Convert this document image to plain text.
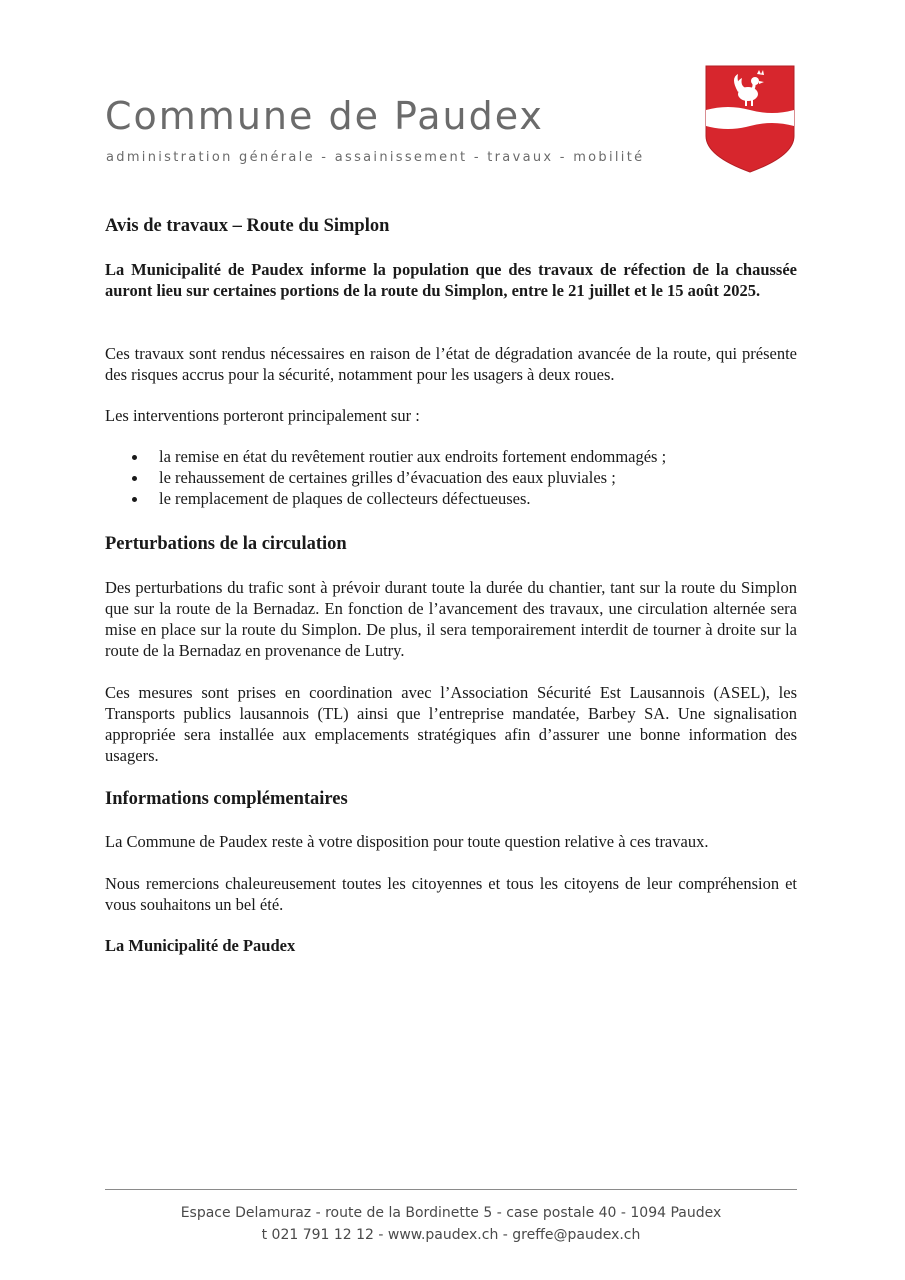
Commune de Paudex

administration générale - assainissement - travaux - mobilité

Avis de travaux – Route du Simplon

La Municipalité de Paudex informe la population que des travaux de réfection de la chaussée auront lieu sur certaines portions de la route du Simplon, entre le 21 juillet et le 15 août 2025.

Ces travaux sont rendus nécessaires en raison de l’état de dégradation avancée de la route, qui présente des risques accrus pour la sécurité, notamment pour les usagers à deux roues.

Les interventions porteront principalement sur :

la remise en état du revêtement routier aux endroits fortement endommagés ;
le rehaussement de certaines grilles d’évacuation des eaux pluviales ;
le remplacement de plaques de collecteurs défectueuses.
Perturbations de la circulation

Des perturbations du trafic sont à prévoir durant toute la durée du chantier, tant sur la route du Simplon que sur la route de la Bernadaz. En fonction de l’avancement des travaux, une circulation alternée sera mise en place sur la route du Simplon. De plus, il sera temporairement interdit de tourner à droite sur la route de la Bernadaz en provenance de Lutry.

Ces mesures sont prises en coordination avec l’Association Sécurité Est Lausannois (ASEL), les Transports publics lausannois (TL) ainsi que l’entreprise mandatée, Barbey SA. Une signalisation appropriée sera installée aux emplacements stratégiques afin d’assurer une bonne information des usagers.

Informations complémentaires

La Commune de Paudex reste à votre disposition pour toute question relative à ces travaux.

Nous remercions chaleureusement toutes les citoyennes et tous les citoyens de leur compréhension et vous souhaitons un bel été.

La Municipalité de Paudex

Espace Delamuraz - route de la Bordinette 5 - case postale 40 - 1094 Paudex

t 021 791 12 12 - www.paudex.ch - greffe@paudex.ch
